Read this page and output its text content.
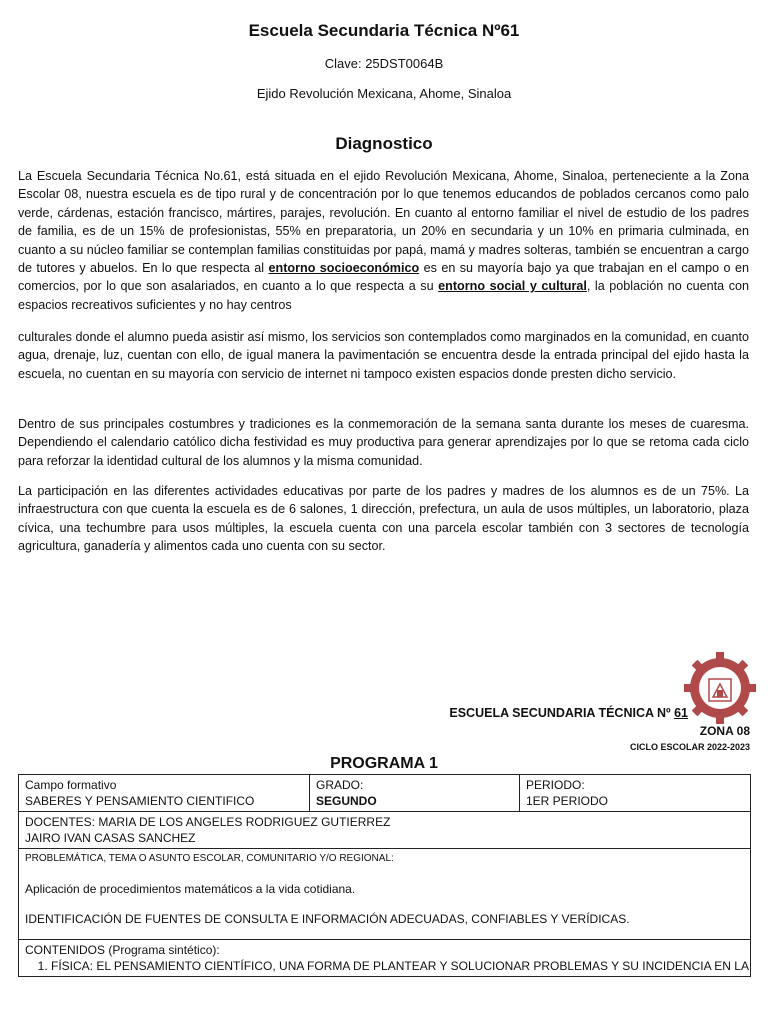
Escuela Secundaria Técnica Nº61
Clave: 25DST0064B
Ejido Revolución Mexicana, Ahome, Sinaloa
Diagnostico

La Escuela Secundaria Técnica No.61, está situada en el ejido Revolución Mexicana, Ahome, Sinaloa, perteneciente a la Zona Escolar 08, nuestra escuela es de tipo rural y de concentración por lo que tenemos educandos de poblados cercanos como palo verde, cárdenas, estación francisco, mártires, parajes, revolución. En cuanto al entorno familiar el nivel de estudio de los padres de familia, es de un 15% de profesionistas, 55% en preparatoria, un 20% en secundaria y un 10% en primaria culminada, en cuanto a su núcleo familiar se contemplan familias constituidas por papá, mamá y madres solteras, también se encuentran a cargo de tutores y abuelos. En lo que respecta al entorno socioeconómico es en su mayoría bajo ya que trabajan en el campo o en comercios, por lo que son asalariados, en cuanto a lo que respecta a su entorno social y cultural, la población no cuenta con espacios recreativos suficientes y no hay centros

culturales donde el alumno pueda asistir así mismo, los servicios son contemplados como marginados en la comunidad, en cuanto agua, drenaje, luz, cuentan con ello, de igual manera la pavimentación se encuentra desde la entrada principal del ejido hasta la escuela, no cuentan en su mayoría con servicio de internet ni tampoco existen espacios donde presten dicho servicio.

Dentro de sus principales costumbres y tradiciones es la conmemoración de la semana santa durante los meses de cuaresma. Dependiendo el calendario católico dicha festividad es muy productiva para generar aprendizajes por lo que se retoma cada ciclo para reforzar la identidad cultural de los alumnos y la misma comunidad.

La participación en las diferentes actividades educativas por parte de los padres y madres de los alumnos es de un 75%. La infraestructura con que cuenta la escuela es de 6 salones, 1 dirección, prefectura, un aula de usos múltiples, un laboratorio, plaza cívica, una techumbre para usos múltiples, la escuela cuenta con una parcela escolar también con 3 sectores de tecnología agricultura, ganadería y alimentos cada uno cuenta con su sector.

EST
ESCUELA SECUNDARIA TÉCNICA Nº 61
ZONA 08
CICLO ESCOLAR 2022-2023
PROGRAMA 1
Campo formativo
SABERES Y PENSAMIENTO CIENTIFICO

GRADO:
SEGUNDO

PERIODO:
1ER PERIODO

DOCENTES: MARIA DE LOS ANGELES RODRIGUEZ GUTIERREZ
JAIRO IVAN CASAS SANCHEZ

PROBLEMÁTICA, TEMA O ASUNTO ESCOLAR, COMUNITARIO Y/O REGIONAL:
Aplicación de procedimientos matemáticos a la vida cotidiana.
IDENTIFICACIÓN DE FUENTES DE CONSULTA E INFORMACIÓN ADECUADAS, CONFIABLES Y VERÍDICAS.

CONTENIDOS (Programa sintético):
1. FÍSICA: EL PENSAMIENTO CIENTÍFICO, UNA FORMA DE PLANTEAR Y SOLUCIONAR PROBLEMAS Y SU INCIDENCIA EN LA
